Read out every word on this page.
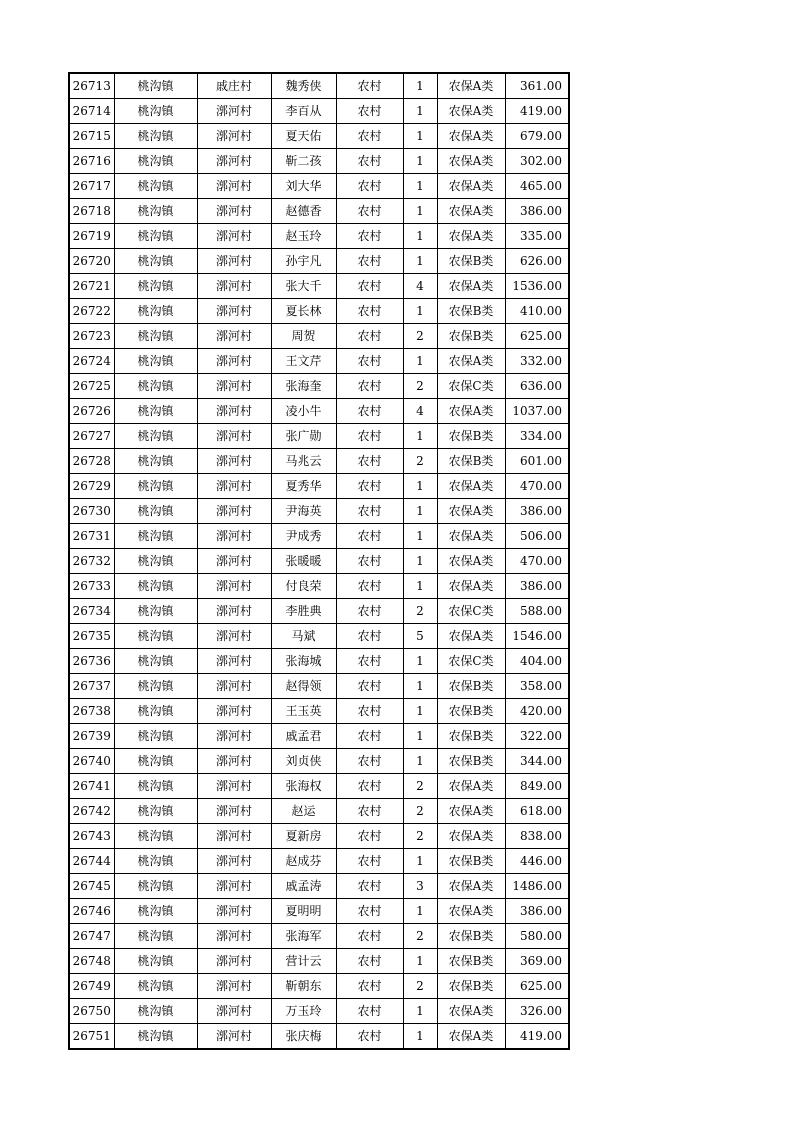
26713	桃沟镇	戚庄村	魏秀侠	农村	1	农保A类	361.00
26714	桃沟镇	漷河村	李百从	农村	1	农保A类	419.00
26715	桃沟镇	漷河村	夏天佑	农村	1	农保A类	679.00
26716	桃沟镇	漷河村	靳二孩	农村	1	农保A类	302.00
26717	桃沟镇	漷河村	刘大华	农村	1	农保A类	465.00
26718	桃沟镇	漷河村	赵德香	农村	1	农保A类	386.00
26719	桃沟镇	漷河村	赵玉玲	农村	1	农保A类	335.00
26720	桃沟镇	漷河村	孙宇凡	农村	1	农保B类	626.00
26721	桃沟镇	漷河村	张大千	农村	4	农保A类	1536.00
26722	桃沟镇	漷河村	夏长林	农村	1	农保B类	410.00
26723	桃沟镇	漷河村	周贺	农村	2	农保B类	625.00
26724	桃沟镇	漷河村	王文芹	农村	1	农保A类	332.00
26725	桃沟镇	漷河村	张海奎	农村	2	农保C类	636.00
26726	桃沟镇	漷河村	凌小牛	农村	4	农保A类	1037.00
26727	桃沟镇	漷河村	张广勋	农村	1	农保B类	334.00
26728	桃沟镇	漷河村	马兆云	农村	2	农保B类	601.00
26729	桃沟镇	漷河村	夏秀华	农村	1	农保A类	470.00
26730	桃沟镇	漷河村	尹海英	农村	1	农保A类	386.00
26731	桃沟镇	漷河村	尹成秀	农村	1	农保A类	506.00
26732	桃沟镇	漷河村	张暖暖	农村	1	农保A类	470.00
26733	桃沟镇	漷河村	付良荣	农村	1	农保A类	386.00
26734	桃沟镇	漷河村	李胜典	农村	2	农保C类	588.00
26735	桃沟镇	漷河村	马斌	农村	5	农保A类	1546.00
26736	桃沟镇	漷河村	张海城	农村	1	农保C类	404.00
26737	桃沟镇	漷河村	赵得领	农村	1	农保B类	358.00
26738	桃沟镇	漷河村	王玉英	农村	1	农保B类	420.00
26739	桃沟镇	漷河村	戚孟君	农村	1	农保B类	322.00
26740	桃沟镇	漷河村	刘贞侠	农村	1	农保B类	344.00
26741	桃沟镇	漷河村	张海权	农村	2	农保A类	849.00
26742	桃沟镇	漷河村	赵运	农村	2	农保A类	618.00
26743	桃沟镇	漷河村	夏新房	农村	2	农保A类	838.00
26744	桃沟镇	漷河村	赵成芬	农村	1	农保B类	446.00
26745	桃沟镇	漷河村	戚孟涛	农村	3	农保A类	1486.00
26746	桃沟镇	漷河村	夏明明	农村	1	农保A类	386.00
26747	桃沟镇	漷河村	张海军	农村	2	农保B类	580.00
26748	桃沟镇	漷河村	营计云	农村	1	农保B类	369.00
26749	桃沟镇	漷河村	靳朝东	农村	2	农保B类	625.00
26750	桃沟镇	漷河村	万玉玲	农村	1	农保A类	326.00
26751	桃沟镇	漷河村	张庆梅	农村	1	农保A类	419.00
